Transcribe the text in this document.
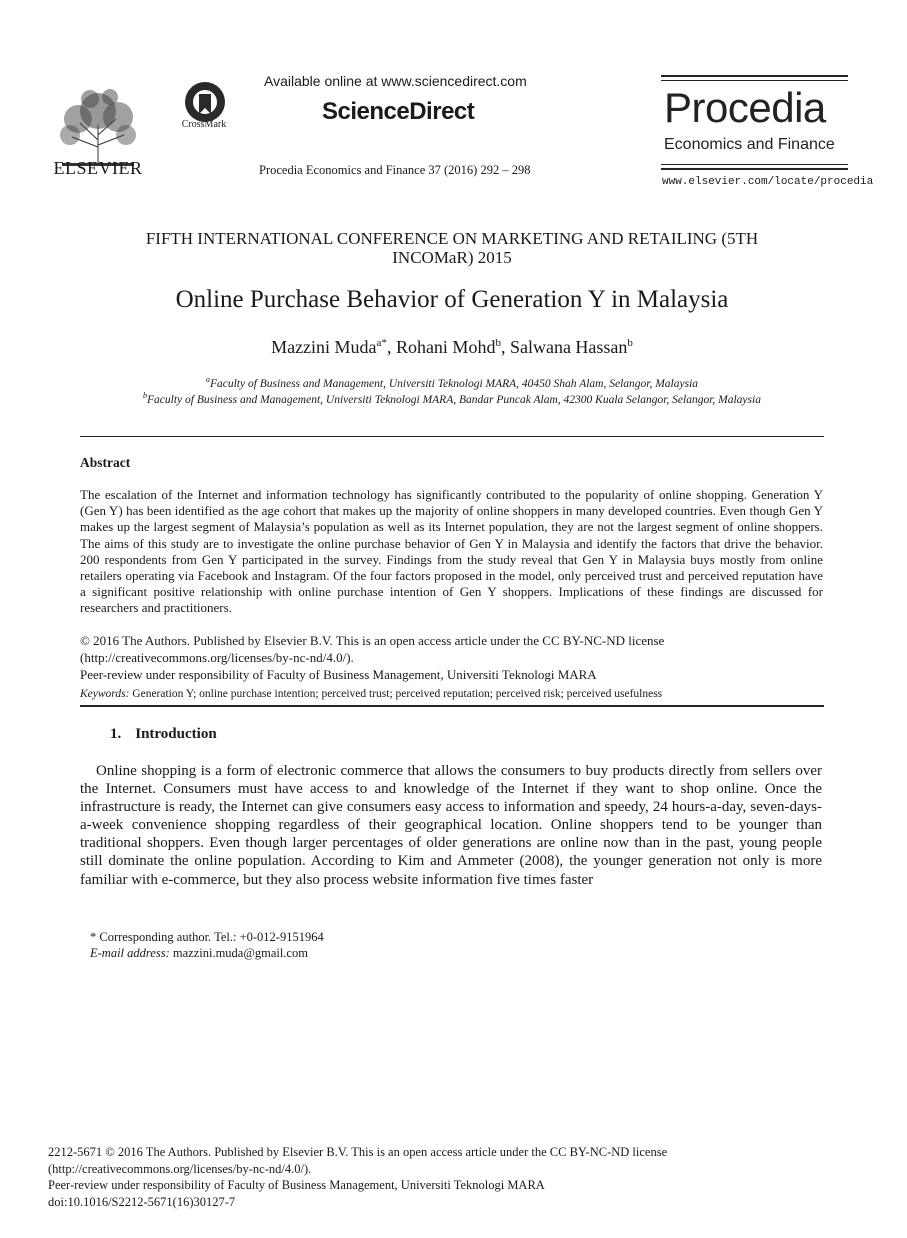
ELSEVIER
CrossMark
Available online at www.sciencedirect.com
ScienceDirect
Procedia Economics and Finance 37 (2016) 292 – 298
Procedia
Economics and Finance
www.elsevier.com/locate/procedia
FIFTH INTERNATIONAL CONFERENCE ON MARKETING AND RETAILING (5TH
INCOMaR) 2015
Online Purchase Behavior of Generation Y in Malaysia
Mazzini Muda$^{a*}$, Rohani Mohd$^b$, Salwana Hassan$^b$
$^a$Faculty of Business and Management, Universiti Teknologi MARA, 40450 Shah Alam, Selangor, Malaysia
$^b$Faculty of Business and Management, Universiti Teknologi MARA, Bandar Puncak Alam, 42300 Kuala Selangor, Selangor, Malaysia
Abstract
The escalation of the Internet and information technology has significantly contributed to the popularity of online shopping. Generation Y (Gen Y) has been identified as the age cohort that makes up the majority of online shoppers in many developed countries. Even though Gen Y makes up the largest segment of Malaysia’s population as well as its Internet population, they are not the largest segment of online shoppers. The aims of this study are to investigate the online purchase behavior of Gen Y in Malaysia and identify the factors that drive the behavior. 200 respondents from Gen Y participated in the survey. Findings from the study reveal that Gen Y in Malaysia buys mostly from online retailers operating via Facebook and Instagram. Of the four factors proposed in the model, only perceived trust and perceived reputation have a significant positive relationship with online purchase intention of Gen Y shoppers. Implications of these findings are discussed for researchers and practitioners.
© 2016 The Authors. Published by Elsevier B.V. This is an open access article under the CC BY-NC-ND license
(http://creativecommons.org/licenses/by-nc-nd/4.0/).
Peer-review under responsibility of Faculty of Business Management, Universiti Teknologi MARA
Keywords: Generation Y; online purchase intention; perceived trust; perceived reputation; perceived risk; perceived usefulness
1. Introduction

Online shopping is a form of electronic commerce that allows the consumers to buy products directly from sellers over the Internet. Consumers must have access to and knowledge of the Internet if they want to shop online. Once the infrastructure is ready, the Internet can give consumers easy access to information and speedy, 24 hours-a-day, seven-days-a-week convenience shopping regardless of their geographical location. Online shoppers tend to be younger than traditional shoppers. Even though larger percentages of older generations are online now than in the past, young people still dominate the online population. According to Kim and Ammeter (2008), the younger generation not only is more familiar with e-commerce, but they also process website information five times faster

* Corresponding author. Tel.: +0-012-9151964
E-mail address: mazzini.muda@gmail.com
2212-5671 © 2016 The Authors. Published by Elsevier B.V. This is an open access article under the CC BY-NC-ND license
(http://creativecommons.org/licenses/by-nc-nd/4.0/).
Peer-review under responsibility of Faculty of Business Management, Universiti Teknologi MARA
doi:10.1016/S2212-5671(16)30127-7
